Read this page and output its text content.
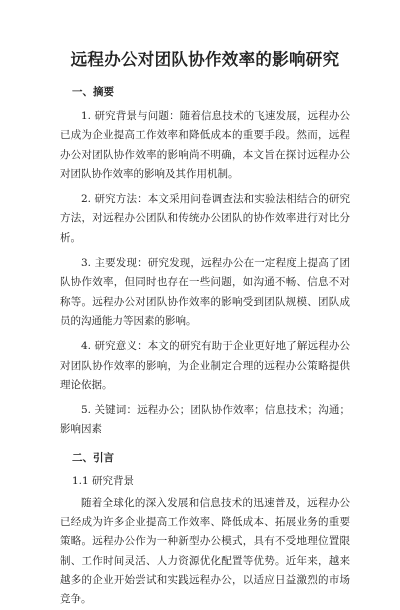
远程办公对团队协作效率的影响研究
一、摘要
1. 研究背景与问题：随着信息技术的飞速发展，远程办公已成为企业提高工作效率和降低成本的重要手段。然而，远程办公对团队协作效率的影响尚不明确，本文旨在探讨远程办公对团队协作效率的影响及其作用机制。
2. 研究方法：本文采用问卷调查法和实验法相结合的研究方法，对远程办公团队和传统办公团队的协作效率进行对比分析。
3. 主要发现：研究发现，远程办公在一定程度上提高了团队协作效率，但同时也存在一些问题，如沟通不畅、信息不对称等。远程办公对团队协作效率的影响受到团队规模、团队成员的沟通能力等因素的影响。
4. 研究意义：本文的研究有助于企业更好地了解远程办公对团队协作效率的影响，为企业制定合理的远程办公策略提供理论依据。
5. 关键词：远程办公；团队协作效率；信息技术；沟通；影响因素
二、引言
1.1 研究背景
随着全球化的深入发展和信息技术的迅速普及，远程办公已经成为许多企业提高工作效率、降低成本、拓展业务的重要策略。远程办公作为一种新型办公模式，具有不受地理位置限制、工作时间灵活、人力资源优化配置等优势。近年来，越来越多的企业开始尝试和实践远程办公，以适应日益激烈的市场竞争。
